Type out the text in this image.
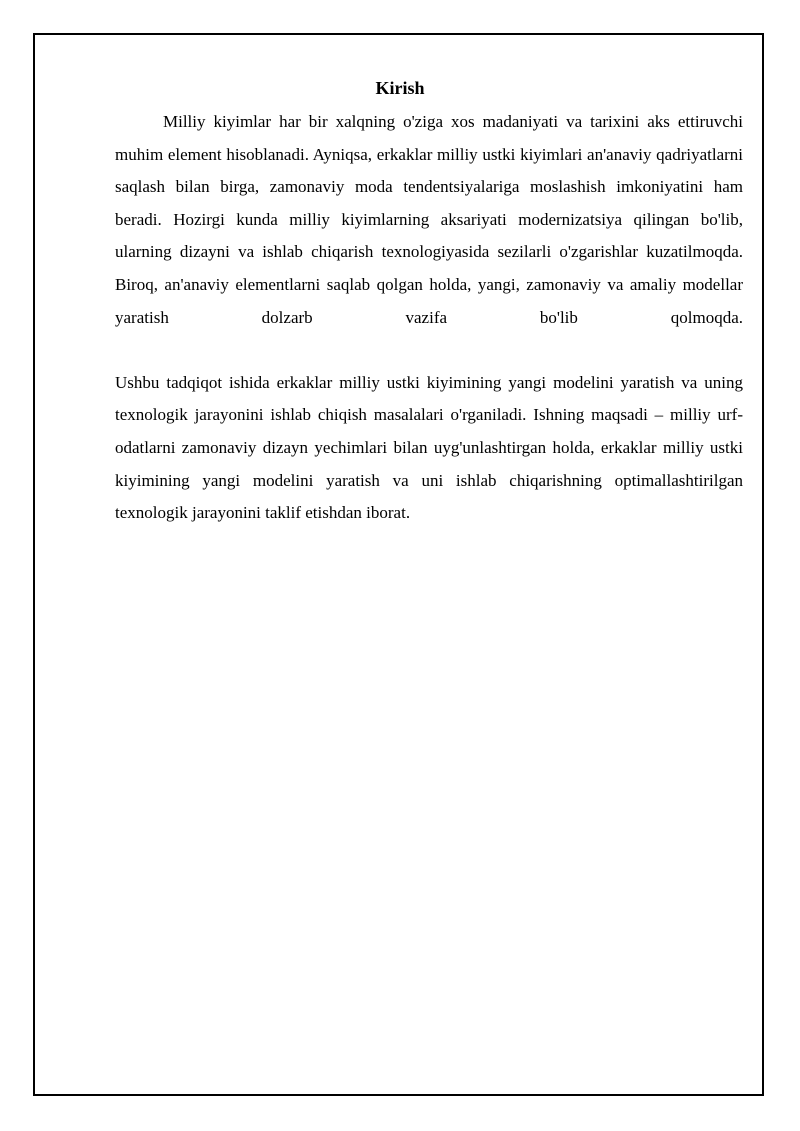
Kirish

Milliy kiyimlar har bir xalqning o'ziga xos madaniyati va tarixini aks ettiruvchi muhim element hisoblanadi. Ayniqsa, erkaklar milliy ustki kiyimlari an'anaviy qadriyatlarni saqlash bilan birga, zamonaviy moda tendentsiyalariga moslashish imkoniyatini ham beradi. Hozirgi kunda milliy kiyimlarning aksariyati modernizatsiya qilingan bo'lib, ularning dizayni va ishlab chiqarish texnologiyasida sezilarli o'zgarishlar kuzatilmoqda. Biroq, an'anaviy elementlarni saqlab qolgan holda, yangi, zamonaviy va amaliy modellar yaratish dolzarb vazifa bo'lib qolmoqda.

Ushbu tadqiqot ishida erkaklar milliy ustki kiyimining yangi modelini yaratish va uning texnologik jarayonini ishlab chiqish masalalari o'rganiladi. Ishning maqsadi – milliy urf-odatlarni zamonaviy dizayn yechimlari bilan uyg'unlashtirgan holda, erkaklar milliy ustki kiyimining yangi modelini yaratish va uni ishlab chiqarishning optimallashtirilgan texnologik jarayonini taklif etishdan iborat.
